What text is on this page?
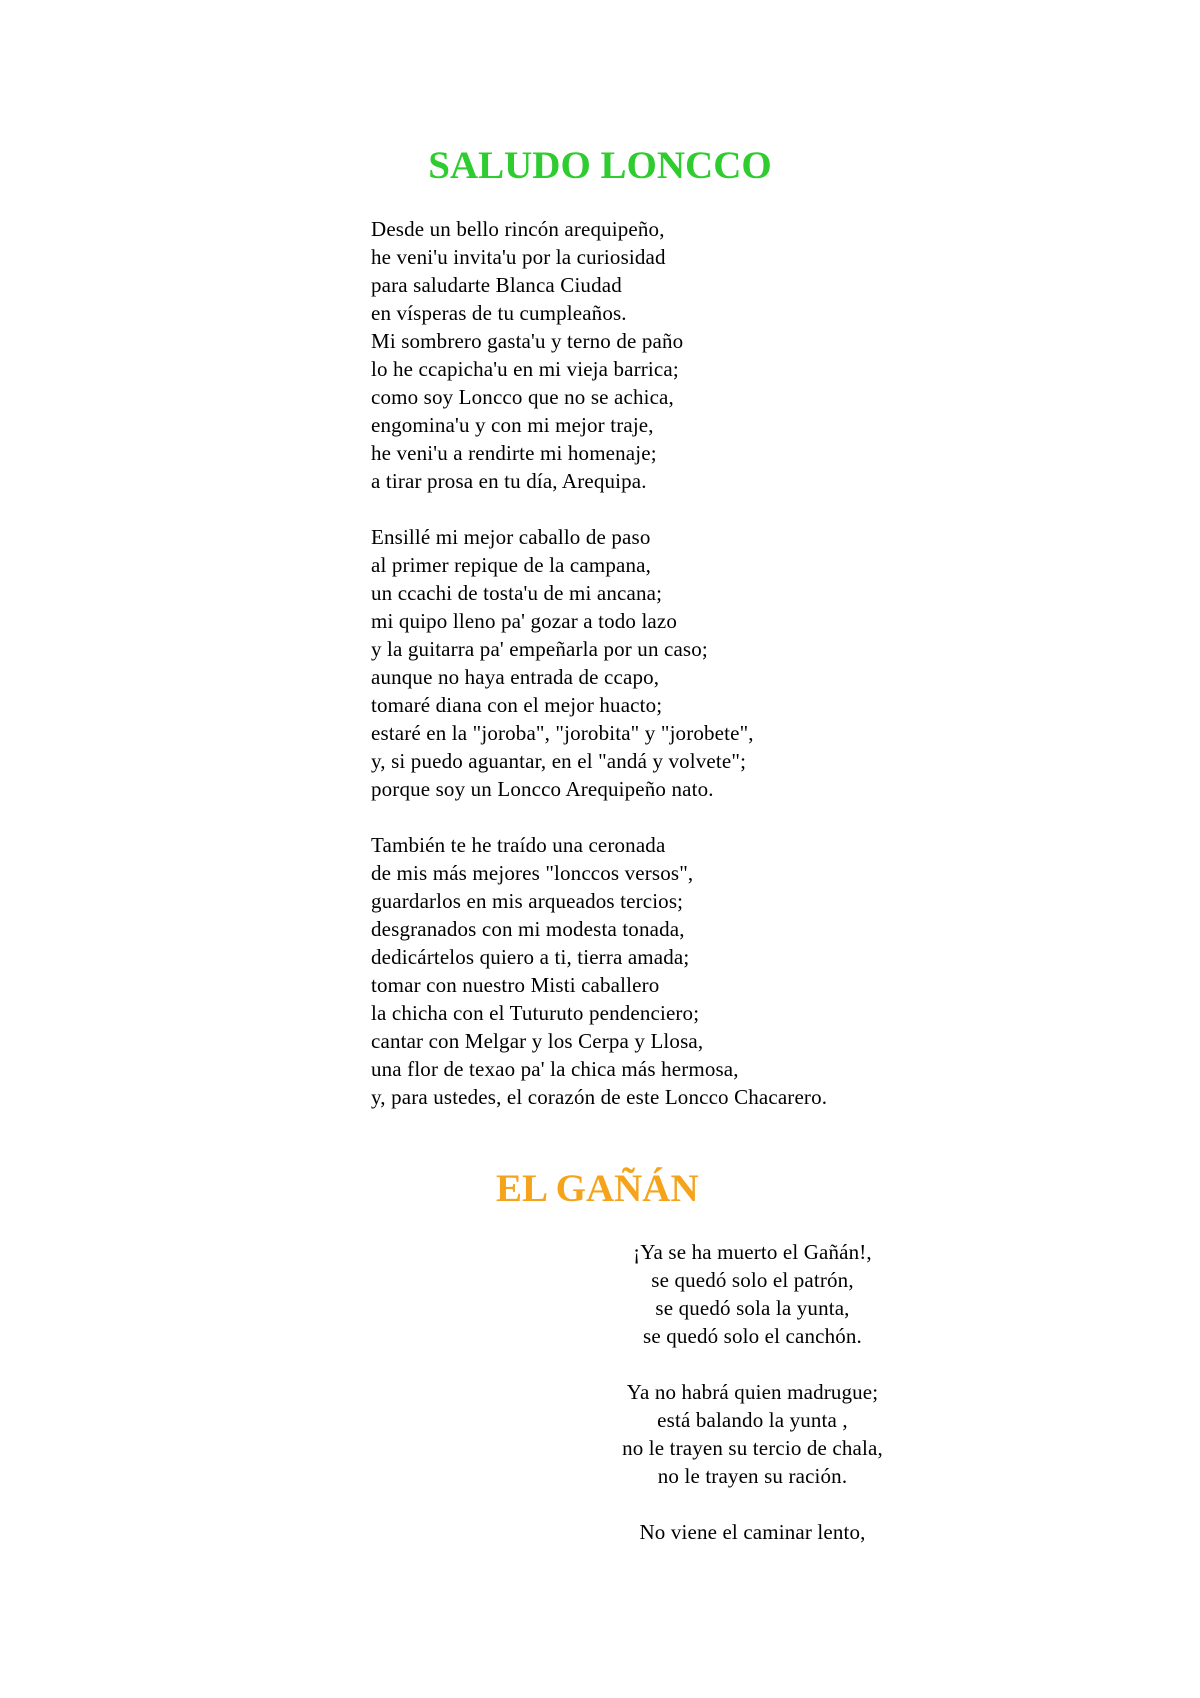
SALUDO LONCCO
Desde un bello rincón arequipeño,
he veni'u invita'u por la curiosidad
para saludarte Blanca Ciudad
en vísperas de tu cumpleaños.
Mi sombrero gasta'u y terno de paño
lo he ccapicha'u en mi vieja barrica;
como soy Loncco que no se achica,
engomina'u y con mi mejor traje,
he veni'u a rendirte mi homenaje;
a tirar prosa en tu día, Arequipa.
Ensillé mi mejor caballo de paso
al primer repique de la campana,
un ccachi de tosta'u de mi ancana;
mi quipo lleno pa' gozar a todo lazo
y la guitarra pa' empeñarla por un caso;
aunque no haya entrada de ccapo,
tomaré diana con el mejor huacto;
estaré en la "joroba", "jorobita" y "jorobete",
y, si puedo aguantar, en el "andá y volvete";
porque soy un Loncco Arequipeño nato.
También te he traído una ceronada
de mis más mejores "lonccos versos",
guardarlos en mis arqueados tercios;
desgranados con mi modesta tonada,
dedicártelos quiero a ti, tierra amada;
tomar con nuestro Misti caballero
la chicha con el Tuturuto pendenciero;
cantar con Melgar y los Cerpa y Llosa,
una flor de texao pa' la chica más hermosa,
y, para ustedes, el corazón de este Loncco Chacarero.
EL GAÑÁN
¡Ya se ha muerto el Gañán!,
se quedó solo el patrón,
se quedó sola la yunta,
se quedó solo el canchón.
Ya no habrá quien madrugue;
está balando la yunta ,
no le trayen su tercio de chala,
no le trayen su ración.
No viene el caminar lento,
